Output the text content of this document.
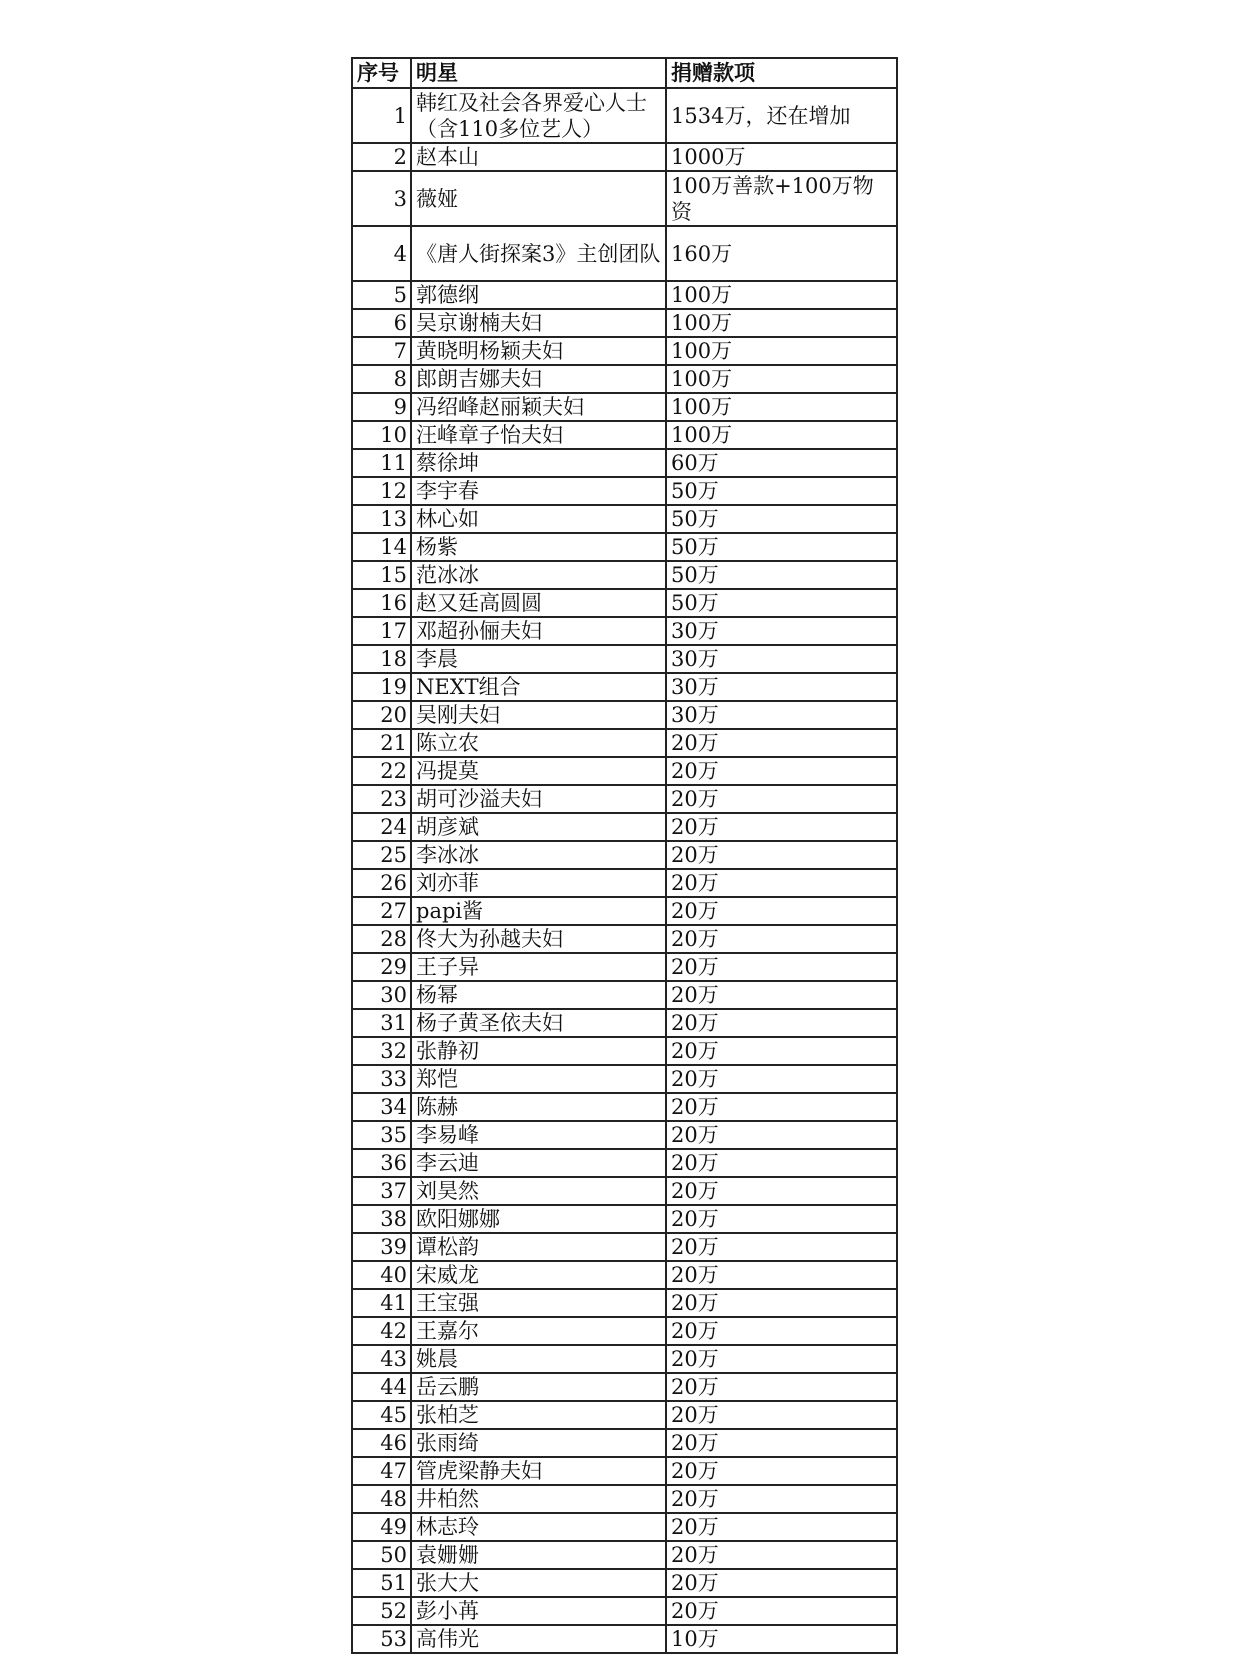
序号	明星	捐赠款项
1	韩红及社会各界爱心人士（含110多位艺人）	1534万，还在增加
2	赵本山	1000万
3	薇娅	100万善款+100万物资
4	《唐人街探案3》主创团队	160万
5	郭德纲	100万
6	吴京谢楠夫妇	100万
7	黄晓明杨颖夫妇	100万
8	郎朗吉娜夫妇	100万
9	冯绍峰赵丽颖夫妇	100万
10	汪峰章子怡夫妇	100万
11	蔡徐坤	60万
12	李宇春	50万
13	林心如	50万
14	杨紫	50万
15	范冰冰	50万
16	赵又廷高圆圆	50万
17	邓超孙俪夫妇	30万
18	李晨	30万
19	NEXT组合	30万
20	吴刚夫妇	30万
21	陈立农	20万
22	冯提莫	20万
23	胡可沙溢夫妇	20万
24	胡彦斌	20万
25	李冰冰	20万
26	刘亦菲	20万
27	papi酱	20万
28	佟大为孙越夫妇	20万
29	王子异	20万
30	杨幂	20万
31	杨子黄圣依夫妇	20万
32	张静初	20万
33	郑恺	20万
34	陈赫	20万
35	李易峰	20万
36	李云迪	20万
37	刘昊然	20万
38	欧阳娜娜	20万
39	谭松韵	20万
40	宋威龙	20万
41	王宝强	20万
42	王嘉尔	20万
43	姚晨	20万
44	岳云鹏	20万
45	张柏芝	20万
46	张雨绮	20万
47	管虎梁静夫妇	20万
48	井柏然	20万
49	林志玲	20万
50	袁姗姗	20万
51	张大大	20万
52	彭小苒	20万
53	高伟光	10万
